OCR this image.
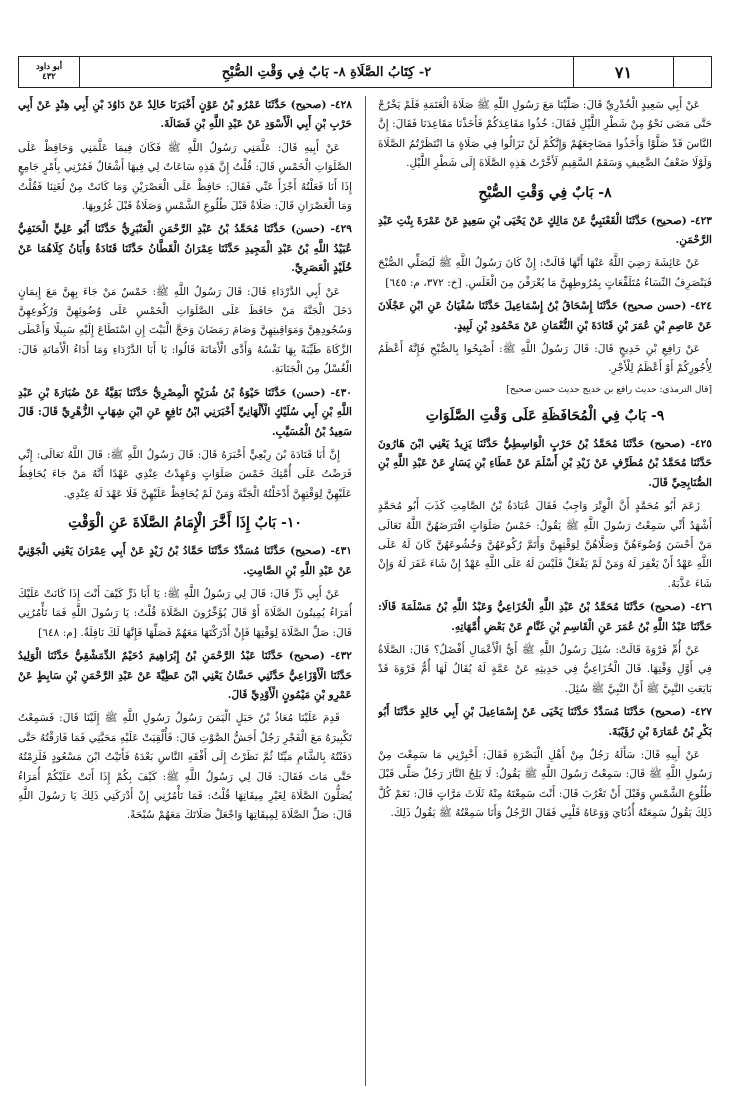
أبو داود
٤٣٢	٢- كِتَابُ الصَّلَاةِ ٨- بَابٌ فِي وَقْتِ الصُّبْحِ	٧١

عَنْ أَبِي سَعِيدٍ الْخُدْرِيِّ قَالَ: صَلَّيْنَا مَعَ رَسُولِ اللَّهِ ﷺ صَلَاةَ الْعَتَمَةِ فَلَمْ يَخْرُجْ حَتَّى مَضَى نَحْوٌ مِنْ شَطْرِ اللَّيْلِ فَقَالَ: خُذُوا مَقَاعِدَكُمْ فَأَخَذْنَا مَقَاعِدَنَا فَقَالَ: إِنَّ النَّاسَ قَدْ صَلَّوْا وَأَخَذُوا مَضَاجِعَهُمْ وَإِنَّكُمْ لَنْ تَزَالُوا فِي صَلَاةٍ مَا انْتَظَرْتُمُ الصَّلَاةَ وَلَوْلَا ضَعْفُ الضَّعِيفِ وَسَقَمُ السَّقِيمِ لَأَخَّرْتُ هَذِهِ الصَّلَاةَ إِلَى شَطْرِ اللَّيْلِ.

٨- بَابٌ فِي وَقْتِ الصُّبْحِ

٤٢٣- (صحيح) حَدَّثَنَا الْقَعْنَبِيُّ عَنْ مَالِكٍ عَنْ يَحْيَى بْنِ سَعِيدٍ عَنْ عَمْرَةَ بِنْتِ عَبْدِ الرَّحْمَنِ.

عَنْ عَائِشَةَ رَضِيَ اللَّهُ عَنْهَا أَنَّهَا قَالَتْ: إِنْ كَانَ رَسُولُ اللَّهِ ﷺ لَيُصَلِّي الصُّبْحَ فَيَنْصَرِفُ النِّسَاءُ مُتَلَفِّعَاتٍ بِمُرُوطِهِنَّ مَا يُعْرَفْنَ مِنَ الْغَلَسِ. [خ: ٣٧٢، م: ٦٤٥]

٤٢٤- (حسن صحيح) حَدَّثَنَا إِسْحَاقُ بْنُ إِسْمَاعِيلَ حَدَّثَنَا سُفْيَانُ عَنِ ابْنِ عَجْلَانَ عَنْ عَاصِمِ بْنِ عُمَرَ بْنِ قَتَادَةَ بْنِ النُّعْمَانِ عَنْ مَحْمُودِ بْنِ لَبِيدٍ.

عَنْ رَافِعِ بْنِ خَدِيجٍ قَالَ: قَالَ رَسُولُ اللَّهِ ﷺ: أَصْبِحُوا بِالصُّبْحِ فَإِنَّهُ أَعْظَمُ لِأُجُورِكُمْ أَوْ أَعْظَمُ لِلْأَجْرِ.

[قال الترمذي: حديث رافع بن خديج حديث حسن صحيح]

٩- بَابٌ فِي الْمُحَافَظَةِ عَلَى وَقْتِ الصَّلَوَاتِ

٤٢٥- (صحيح) حَدَّثَنَا مُحَمَّدُ بْنُ حَرْبٍ الْوَاسِطِيُّ حَدَّثَنَا يَزِيدُ يَعْنِي ابْنَ هَارُونَ حَدَّثَنَا مُحَمَّدُ بْنُ مُطَرِّفٍ عَنْ زَيْدِ بْنِ أَسْلَمَ عَنْ عَطَاءِ بْنِ يَسَارٍ عَنْ عَبْدِ اللَّهِ بْنِ الصُّنَابِحِيِّ قَالَ.

زَعَمَ أَبُو مُحَمَّدٍ أَنَّ الْوِتْرَ وَاجِبٌ فَقَالَ عُبَادَةُ بْنُ الصَّامِتِ كَذَبَ أَبُو مُحَمَّدٍ أَشْهَدُ أَنِّي سَمِعْتُ رَسُولَ اللَّهِ ﷺ يَقُولُ: خَمْسُ صَلَوَاتٍ افْتَرَضَهُنَّ اللَّهُ تَعَالَى مَنْ أَحْسَنَ وُضُوءَهُنَّ وَصَلَّاهُنَّ لِوَقْتِهِنَّ وَأَتَمَّ رُكُوعَهُنَّ وَخُشُوعَهُنَّ كَانَ لَهُ عَلَى اللَّهِ عَهْدٌ أَنْ يَغْفِرَ لَهُ وَمَنْ لَمْ يَفْعَلْ فَلَيْسَ لَهُ عَلَى اللَّهِ عَهْدٌ إِنْ شَاءَ غَفَرَ لَهُ وَإِنْ شَاءَ عَذَّبَهُ.

٤٢٦- (صحيح) حَدَّثَنَا مُحَمَّدُ بْنُ عَبْدِ اللَّهِ الْخُزَاعِيُّ وَعَبْدُ اللَّهِ بْنُ مَسْلَمَةَ قَالَا: حَدَّثَنَا عَبْدُ اللَّهِ بْنُ عُمَرَ عَنِ الْقَاسِمِ بْنِ غَنَّامٍ عَنْ بَعْضِ أُمَّهَاتِهِ.

عَنْ أُمِّ فَرْوَةَ قَالَتْ: سُئِلَ رَسُولُ اللَّهِ ﷺ أَيُّ الْأَعْمَالِ أَفْضَلُ؟ قَالَ: الصَّلَاةُ فِي أَوَّلِ وَقْتِهَا. قَالَ الْخُزَاعِيُّ فِي حَدِيثِهِ عَنْ عَمَّةٍ لَهُ يُقَالُ لَهَا أُمُّ فَرْوَةَ قَدْ بَايَعَتِ النَّبِيَّ ﷺ أَنَّ النَّبِيَّ ﷺ سُئِلَ.

٤٢٧- (صحيح) حَدَّثَنَا مُسَدَّدٌ حَدَّثَنَا يَحْيَى عَنْ إِسْمَاعِيلَ بْنِ أَبِي خَالِدٍ حَدَّثَنَا أَبُو بَكْرِ بْنُ عُمَارَةَ بْنِ رُؤَيْبَةَ.

عَنْ أَبِيهِ قَالَ: سَأَلَهُ رَجُلٌ مِنْ أَهْلِ الْبَصْرَةِ فَقَالَ: أَخْبِرْنِي مَا سَمِعْتَ مِنْ رَسُولِ اللَّهِ ﷺ قَالَ: سَمِعْتُ رَسُولَ اللَّهِ ﷺ يَقُولُ: لَا يَلِجُ النَّارَ رَجُلٌ صَلَّى قَبْلَ طُلُوعِ الشَّمْسِ وَقَبْلَ أَنْ تَغْرُبَ قَالَ: أَنْتَ سَمِعْتَهُ مِنْهُ ثَلَاثَ مَرَّاتٍ قَالَ: نَعَمْ كُلَّ ذَلِكَ يَقُولُ سَمِعَتْهُ أُذُنَايَ وَوَعَاهُ قَلْبِي فَقَالَ الرَّجُلُ وَأَنَا سَمِعْتُهُ ﷺ يَقُولُ ذَلِكَ.

٤٢٨- (صحيح) حَدَّثَنَا عَمْرُو بْنُ عَوْنٍ أَخْبَرَنَا خَالِدٌ عَنْ دَاوُدَ بْنِ أَبِي هِنْدٍ عَنْ أَبِي حَرْبِ بْنِ أَبِي الْأَسْوَدِ عَنْ عَبْدِ اللَّهِ بْنِ فَضَالَةَ.

عَنْ أَبِيهِ قَالَ: عَلَّمَنِي رَسُولُ اللَّهِ ﷺ فَكَانَ فِيمَا عَلَّمَنِي وَحَافِظْ عَلَى الصَّلَوَاتِ الْخَمْسِ قَالَ: قُلْتُ إِنَّ هَذِهِ سَاعَاتٌ لِي فِيهَا أَشْغَالٌ فَمُرْنِي بِأَمْرٍ جَامِعٍ إِذَا أَنَا فَعَلْتُهُ أَجْزَأَ عَنِّي فَقَالَ: حَافِظْ عَلَى الْعَصْرَيْنِ وَمَا كَانَتْ مِنْ لُغَتِنَا فَقُلْتُ وَمَا الْعَصْرَانِ قَالَ: صَلَاةٌ قَبْلَ طُلُوعِ الشَّمْسِ وَصَلَاةٌ قَبْلَ غُرُوبِهَا.

٤٢٩- (حسن) حَدَّثَنَا مُحَمَّدُ بْنُ عَبْدِ الرَّحْمَنِ الْعَنْبَرِيُّ حَدَّثَنَا أَبُو عَلِيٍّ الْحَنَفِيُّ عُبَيْدُ اللَّهِ بْنُ عَبْدِ الْمَجِيدِ حَدَّثَنَا عِمْرَانُ الْقَطَّانُ حَدَّثَنَا قَتَادَةُ وَأَبَانُ كِلَاهُمَا عَنْ خُلَيْدٍ الْعَصَرِيِّ.

عَنْ أَبِي الدَّرْدَاءِ قَالَ: قَالَ رَسُولُ اللَّهِ ﷺ: خَمْسٌ مَنْ جَاءَ بِهِنَّ مَعَ إِيمَانٍ دَخَلَ الْجَنَّةَ مَنْ حَافَظَ عَلَى الصَّلَوَاتِ الْخَمْسِ عَلَى وُضُوئِهِنَّ وَرُكُوعِهِنَّ وَسُجُودِهِنَّ وَمَوَاقِيتِهِنَّ وَصَامَ رَمَضَانَ وَحَجَّ الْبَيْتَ إِنِ اسْتَطَاعَ إِلَيْهِ سَبِيلًا وَأَعْطَى الزَّكَاةَ طَيِّبَةً بِهَا نَفْسُهُ وَأَدَّى الْأَمَانَةَ قَالُوا: يَا أَبَا الدَّرْدَاءِ وَمَا أَدَاءُ الْأَمَانَةِ قَالَ: الْغُسْلُ مِنَ الْجَنَابَةِ.

٤٣٠- (حسن) حَدَّثَنَا حَيْوَةُ بْنُ شُرَيْحٍ الْمِصْرِيُّ حَدَّثَنَا بَقِيَّةُ عَنْ ضُبَارَةَ بْنِ عَبْدِ اللَّهِ بْنِ أَبِي سُلَيْكٍ الْأَلْهَانِيِّ أَخْبَرَنِي ابْنُ نَافِعٍ عَنِ ابْنِ شِهَابٍ الزُّهْرِيِّ قَالَ: قَالَ سَعِيدُ بْنُ الْمُسَيَّبِ.

إِنَّ أَبَا قَتَادَةَ بْنَ رِبْعِيٍّ أَخْبَرَهُ قَالَ: قَالَ رَسُولُ اللَّهِ ﷺ: قَالَ اللَّهُ تَعَالَى: إِنِّي فَرَضْتُ عَلَى أُمَّتِكَ خَمْسَ صَلَوَاتٍ وَعَهِدْتُ عِنْدِي عَهْدًا أَنَّهُ مَنْ جَاءَ يُحَافِظُ عَلَيْهِنَّ لِوَقْتِهِنَّ أَدْخَلْتُهُ الْجَنَّةَ وَمَنْ لَمْ يُحَافِظْ عَلَيْهِنَّ فَلَا عَهْدَ لَهُ عِنْدِي.

١٠- بَابٌ إِذَا أَخَّرَ الْإِمَامُ الصَّلَاةَ عَنِ الْوَقْتِ

٤٣١- (صحيح) حَدَّثَنَا مُسَدَّدٌ حَدَّثَنَا حَمَّادُ بْنُ زَيْدٍ عَنْ أَبِي عِمْرَانَ يَعْنِي الْجَوْنِيَّ عَنْ عَبْدِ اللَّهِ بْنِ الصَّامِتِ.

عَنْ أَبِي ذَرٍّ قَالَ: قَالَ لِي رَسُولُ اللَّهِ ﷺ: يَا أَبَا ذَرٍّ كَيْفَ أَنْتَ إِذَا كَانَتْ عَلَيْكَ أُمَرَاءُ يُمِيتُونَ الصَّلَاةَ أَوْ قَالَ يُؤَخِّرُونَ الصَّلَاةَ قُلْتُ: يَا رَسُولَ اللَّهِ فَمَا تَأْمُرُنِي قَالَ: صَلِّ الصَّلَاةَ لِوَقْتِهَا فَإِنْ أَدْرَكْتَهَا مَعَهُمْ فَصَلِّهَا فَإِنَّهَا لَكَ نَافِلَةٌ. [م: ٦٤٨]

٤٣٢- (صحيح) حَدَّثَنَا عَبْدُ الرَّحْمَنِ بْنُ إِبْرَاهِيمَ دُحَيْمٌ الدِّمَشْقِيُّ حَدَّثَنَا الْوَلِيدُ حَدَّثَنَا الْأَوْزَاعِيُّ حَدَّثَنِي حَسَّانُ يَعْنِي ابْنَ عَطِيَّةَ عَنْ عَبْدِ الرَّحْمَنِ بْنِ سَابِطٍ عَنْ عَمْرِو بْنِ مَيْمُونٍ الْأَوْدِيِّ قَالَ.

قَدِمَ عَلَيْنَا مُعَاذُ بْنُ جَبَلٍ الْيَمَنَ رَسُولُ رَسُولِ اللَّهِ ﷺ إِلَيْنَا قَالَ: فَسَمِعْتُ تَكْبِيرَهُ مَعَ الْفَجْرِ رَجُلٌ أَجَشُّ الصَّوْتِ قَالَ: فَأُلْقِيَتْ عَلَيْهِ مَحَبَّتِي فَمَا فَارَقْتُهُ حَتَّى دَفَنْتُهُ بِالشَّامِ مَيِّتًا ثُمَّ نَظَرْتُ إِلَى أَفْقَهِ النَّاسِ بَعْدَهُ فَأَتَيْتُ ابْنَ مَسْعُودٍ فَلَزِمْتُهُ حَتَّى مَاتَ فَقَالَ: قَالَ لِي رَسُولُ اللَّهِ ﷺ: كَيْفَ بِكُمْ إِذَا أَتَتْ عَلَيْكُمْ أُمَرَاءُ يُصَلُّونَ الصَّلَاةَ لِغَيْرِ مِيقَاتِهَا قُلْتُ: فَمَا تَأْمُرُنِي إِنْ أَدْرَكَنِي ذَلِكَ يَا رَسُولَ اللَّهِ قَالَ: صَلِّ الصَّلَاةَ لِمِيقَاتِهَا وَاجْعَلْ صَلَاتَكَ مَعَهُمْ سُبْحَةً.
